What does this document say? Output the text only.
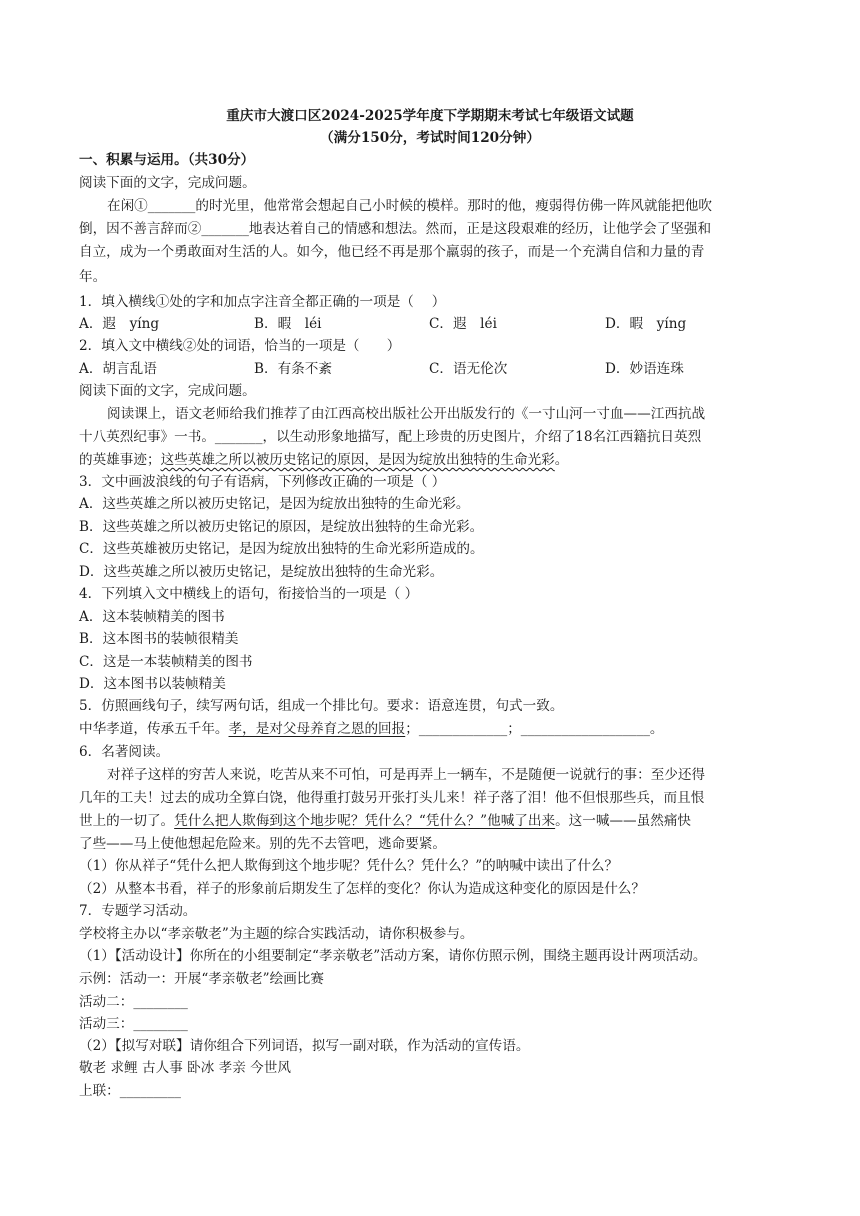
重庆市大渡口区2024-2025学年度下学期期末考试七年级语文试题
（满分150分，考试时间120分钟）
一、积累与运用。（共30分）
阅读下面的文字，完成问题。
在闲①_______的时光里，他常常会想起自己小时候的模样。那时的他，瘦弱得仿佛一阵风就能把他吹
倒，因不善言辞而②_______地表达着自己的情感和想法。然而，正是这段艰难的经历，让他学会了坚强和
自立，成为一个勇敢面对生活的人。如今，他已经不再是那个羸弱的孩子，而是一个充满自信和力量的青
年。
1．填入横线①处的字和加点字注音全都正确的一项是（　 ）
A．遐　yíng	B．暇　léi	C．遐　léi	D．暇　yíng
2．填入文中横线②处的词语，恰当的一项是（　　）
A．胡言乱语	B．有条不紊	C．语无伦次	D．妙语连珠
阅读下面的文字，完成问题。
阅读课上，语文老师给我们推荐了由江西高校出版社公开出版发行的《一寸山河一寸血——江西抗战
十八英烈纪事》一书。_______，以生动形象地描写，配上珍贵的历史图片，介绍了18名江西籍抗日英烈
的英雄事迹；这些英雄之所以被历史铭记的原因，是因为绽放出独特的生命光彩。
3．文中画波浪线的句子有语病，下列修改正确的一项是（ ）
A．这些英雄之所以被历史铭记，是因为绽放出独特的生命光彩。
B．这些英雄之所以被历史铭记的原因，是绽放出独特的生命光彩。
C．这些英雄被历史铭记，是因为绽放出独特的生命光彩所造成的。
D．这些英雄之所以被历史铭记，是绽放出独特的生命光彩。
4．下列填入文中横线上的语句，衔接恰当的一项是（ ）
A．这本装帧精美的图书
B．这本图书的装帧很精美
C．这是一本装帧精美的图书
D．这本图书以装帧精美
5．仿照画线句子，续写两句话，组成一个排比句。要求：语意连贯，句式一致。
中华孝道，传承五千年。孝，是对父母养育之恩的回报；_____________；___________________。
6．名著阅读。
对祥子这样的穷苦人来说，吃苦从来不可怕，可是再弄上一辆车，不是随便一说就行的事：至少还得
几年的工夫！过去的成功全算白饶，他得重打鼓另开张打头儿来！祥子落了泪！他不但恨那些兵，而且恨
世上的一切了。凭什么把人欺侮到这个地步呢？凭什么？“凭什么？”他喊了出来。这一喊——虽然痛快
了些——马上使他想起危险来。别的先不去管吧，逃命要紧。
（1）你从祥子“凭什么把人欺侮到这个地步呢？凭什么？凭什么？”的呐喊中读出了什么？
（2）从整本书看，祥子的形象前后期发生了怎样的变化？你认为造成这种变化的原因是什么？
7．专题学习活动。
学校将主办以“孝亲敬老”为主题的综合实践活动，请你积极参与。
（1）【活动设计】你所在的小组要制定“孝亲敬老”活动方案，请你仿照示例，围绕主题再设计两项活动。
示例：活动一：开展“孝亲敬老”绘画比赛
活动二：________
活动三：________
（2）【拟写对联】请你组合下列词语，拟写一副对联，作为活动的宣传语。
敬老 求鲤 古人事 卧冰 孝亲 今世风
上联：_________
